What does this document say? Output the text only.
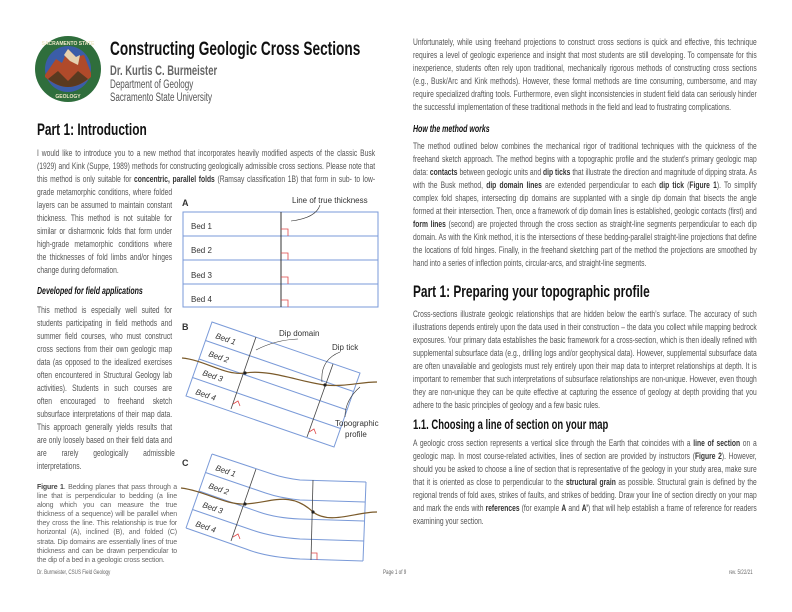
SACRAMENTO STATE
GEOLOGY
Constructing Geologic Cross Sections
Dr. Kurtis C. Burmeister
Department of Geology
Sacramento State University
Part 1: Introduction
I would like to introduce you to a new method that incorporates heavily modified aspects of the classic Busk (1929) and Kink (Suppe, 1989) methods for constructing geologically admissible cross sections. Please note that this method is only suitable for concentric, parallel folds (Ramsay classification 1B) that form in sub- to low-grade metamorphic conditions, where folded layers can be assumed to maintain constant thickness. This method is not suitable for similar or disharmonic folds that form under high-grade metamorphic conditions where the thicknesses of fold limbs and/or hinges change during deformation.
Developed for field applications
This method is especially well suited for students participating in field methods and summer field courses, who must construct cross sections from their own geologic map data (as opposed to the idealized exercises often encountered in Structural Geology lab activities). Students in such courses are often encouraged to freehand sketch subsurface interpretations of their map data. This approach generally yields results that are only loosely based on their field data and are rarely geologically admissible interpretations.
Figure 1. Bedding planes that pass through a line that is perpendicular to bedding (a line along which you can measure the true thickness of a sequence) will be parallel when they cross the line. This relationship is true for horizontal (A), inclined (B), and folded (C) strata. Dip domains are essentially lines of true thickness and can be drawn perpendicular to the dip of a bed in a geologic cross section.
A	Line of true thickness
Bed 1
Bed 2
Bed 3
Bed 4
B
Dip domain
Dip tick
Topographic
profile
Bed 1
Bed 2
Bed 3
Bed 4
C
Bed 1
Bed 2
Bed 3
Bed 4
Unfortunately, while using freehand projections to construct cross sections is quick and effective, this technique requires a level of geologic experience and insight that most students are still developing. To compensate for this inexperience, students often rely upon traditional, mechanically rigorous methods of constructing cross sections (e.g., Busk/Arc and Kink methods). However, these formal methods are time consuming, cumbersome, and may require specialized drafting tools. Furthermore, even slight inconsistencies in student field data can seriously hinder the successful implementation of these traditional methods in the field and lead to frustrating complications.
How the method works
The method outlined below combines the mechanical rigor of traditional techniques with the quickness of the freehand sketch approach. The method begins with a topographic profile and the student’s primary geologic map data: contacts between geologic units and dip ticks that illustrate the direction and magnitude of dipping strata. As with the Busk method, dip domain lines are extended perpendicular to each dip tick (Figure 1). To simplify complex fold shapes, intersecting dip domains are supplanted with a single dip domain that bisects the angle formed at their intersection. Then, once a framework of dip domain lines is established, geologic contacts (first) and form lines (second) are projected through the cross section as straight-line segments perpendicular to each dip domain. As with the Kink method, it is the intersections of these bedding-parallel straight-line projections that define the locations of fold hinges. Finally, in the freehand sketching part of the method the projections are smoothed by hand into a series of inflection points, circular-arcs, and straight-line segments.
Part 1: Preparing your topographic profile
Cross-sections illustrate geologic relationships that are hidden below the earth’s surface. The accuracy of such illustrations depends entirely upon the data used in their construction – the data you collect while mapping bedrock exposures. Your primary data establishes the basic framework for a cross-section, which is then ideally refined with supplemental subsurface data (e.g., drilling logs and/or geophysical data). However, supplemental subsurface data are often unavailable and geologists must rely entirely upon their map data to interpret relationships at depth. It is important to remember that such interpretations of subsurface relationships are non-unique. However, even though they are non-unique they can be quite effective at capturing the essence of geology at depth providing that you adhere to the basic principles of geology and a few basic rules.
1.1. Choosing a line of section on your map
A geologic cross section represents a vertical slice through the Earth that coincides with a line of section on a geologic map. In most course-related activities, lines of section are provided by instructors (Figure 2). However, should you be asked to choose a line of section that is representative of the geology in your study area, make sure that it is oriented as close to perpendicular to the structural grain as possible. Structural grain is defined by the regional trends of fold axes, strikes of faults, and strikes of bedding. Draw your line of section directly on your map and mark the ends with references (for example A and A’) that will help establish a frame of reference for readers examining your section.
Dr. Burmeister, CSUS Field Geology	Page 1 of 9	rev. 5/22/21
